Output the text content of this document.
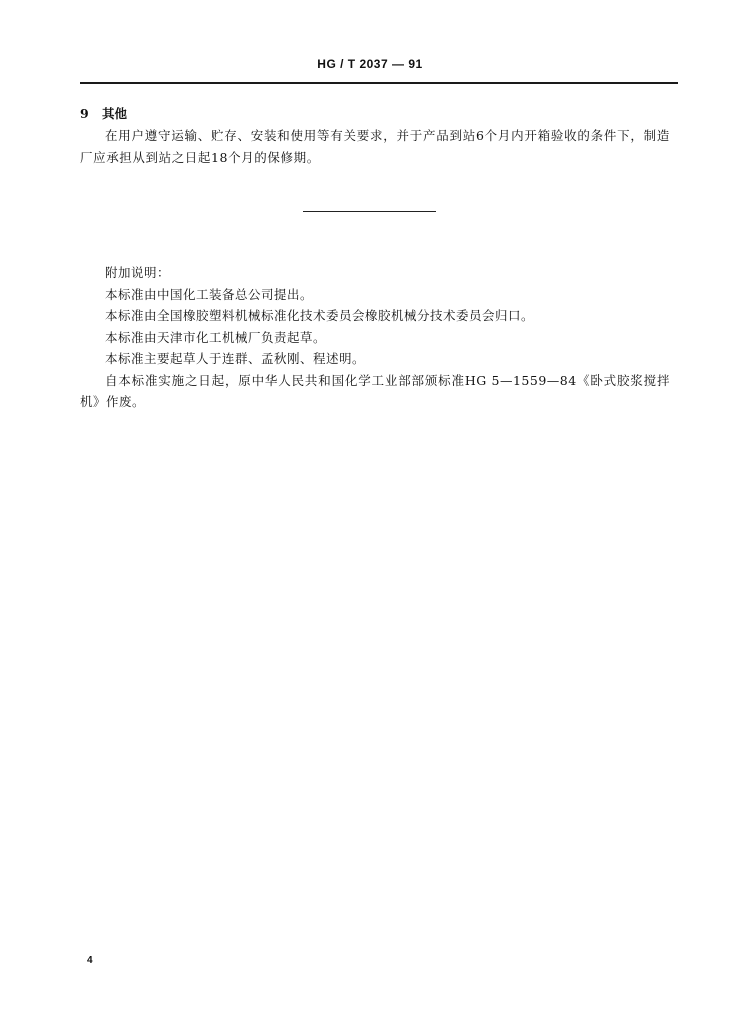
HG / T 2037 — 91
9 其他
在用户遵守运输、贮存、安装和使用等有关要求，并于产品到站6个月内开箱验收的条件下，制造厂应承担从到站之日起18个月的保修期。
附加说明：
本标准由中国化工装备总公司提出。
本标准由全国橡胶塑料机械标准化技术委员会橡胶机械分技术委员会归口。
本标准由天津市化工机械厂负责起草。
本标准主要起草人于连群、孟秋刚、程述明。
自本标准实施之日起，原中华人民共和国化学工业部部颁标准HG 5—1559—84《卧式胶浆搅拌机》作废。
4
